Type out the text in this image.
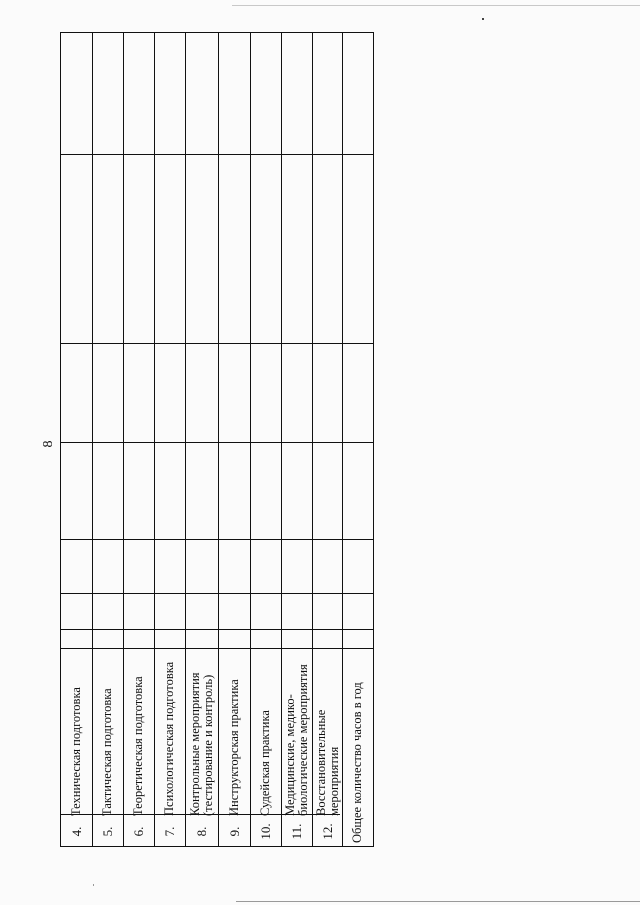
8
4.
Техническая подготовка
5.
Тактическая подготовка
6.
Теоретическая подготовка
7.
Психологическая подготовка
8.
Контрольные мероприятия (тестирование и контроль)
9.
Инструкторская практика
10.
Судейская практика
11.
Медицинские, медико- биологические мероприятия
12.
Восстановительные мероприятия Общее количество часов в год
